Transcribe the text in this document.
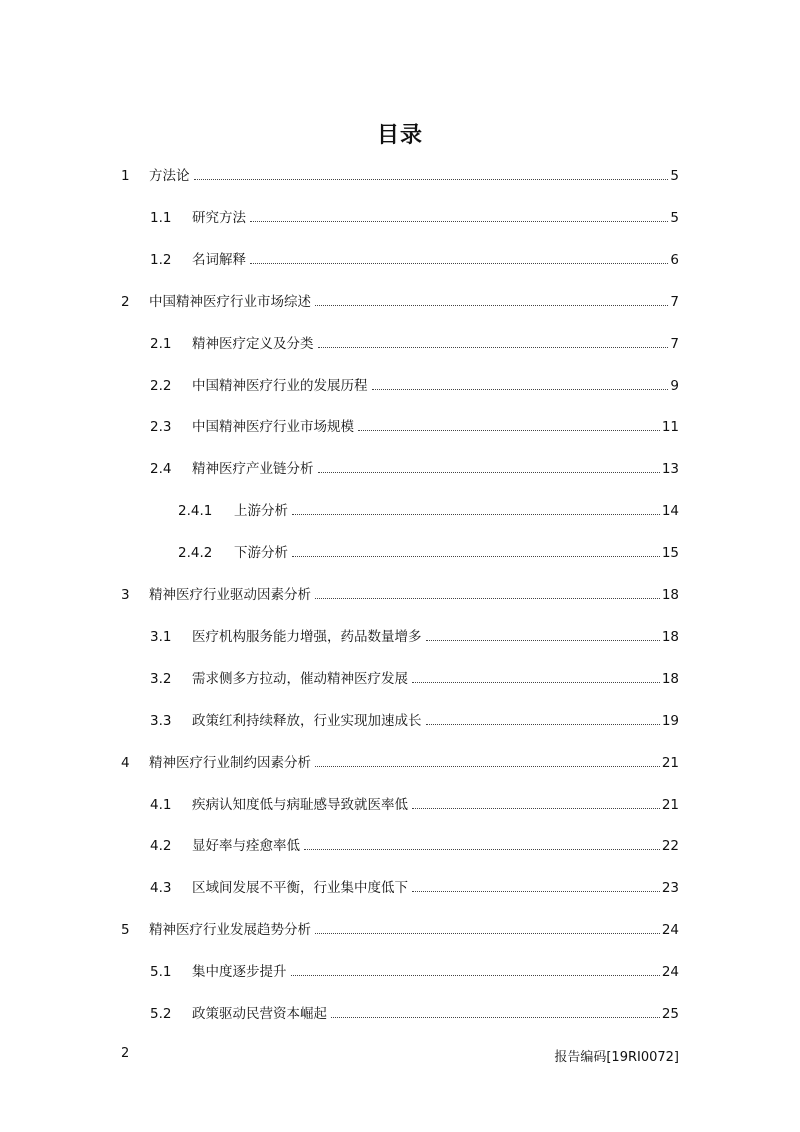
目录
1	方法论	5
1.1	研究方法	5
1.2	名词解释	6
2	中国精神医疗行业市场综述	7
2.1	精神医疗定义及分类	7
2.2	中国精神医疗行业的发展历程	9
2.3	中国精神医疗行业市场规模	11
2.4	精神医疗产业链分析	13
2.4.1	上游分析	14
2.4.2	下游分析	15
3	精神医疗行业驱动因素分析	18
3.1	医疗机构服务能力增强，药品数量增多	18
3.2	需求侧多方拉动，催动精神医疗发展	18
3.3	政策红利持续释放，行业实现加速成长	19
4	精神医疗行业制约因素分析	21
4.1	疾病认知度低与病耻感导致就医率低	21
4.2	显好率与痊愈率低	22
4.3	区域间发展不平衡，行业集中度低下	23
5	精神医疗行业发展趋势分析	24
5.1	集中度逐步提升	24
5.2	政策驱动民营资本崛起	25
2	报告编码[19RI0072]
